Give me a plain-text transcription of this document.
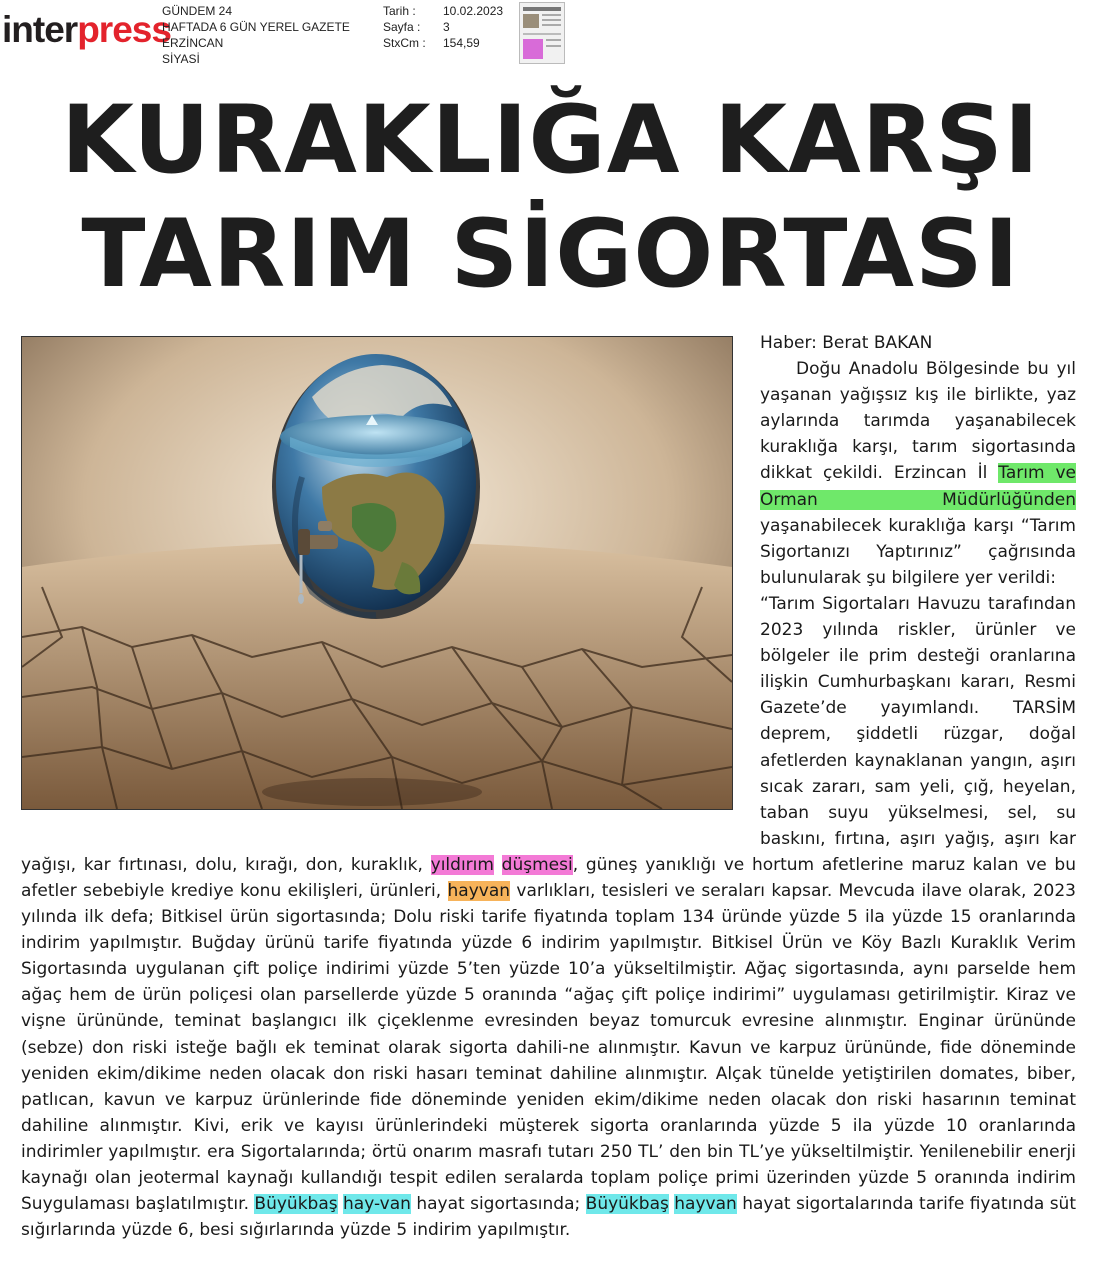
interpress
GÜNDEM 24
HAFTADA 6 GÜN YEREL GAZETE
ERZİNCAN
SİYASİ
Tarih :
Sayfa :
StxCm :
10.02.2023
3
154,59
KURAKLIĞA KARŞI
TARIM SİGORTASI
Haber: Berat BAKAN
Doğu Anadolu Bölgesinde bu yıl yaşanan yağışsız kış ile birlikte, yaz aylarında tarımda yaşanabilecek kuraklığa karşı, tarım sigortasında dikkat çekildi. Erzincan İl Tarım ve Orman Müdürlüğünden yaşanabilecek kuraklığa karşı “Tarım Sigortanızı Yaptırınız” çağrısında bulunularak şu bilgilere yer verildi:
“Tarım Sigortaları Havuzu tarafından 2023 yılında riskler, ürünler ve bölgeler ile prim desteği oranlarına ilişkin Cumhurbaşkanı kararı, Resmi Gazete’de yayımlandı. TARSİM deprem, şiddetli rüzgar, doğal afetlerden kaynaklanan yangın, aşırı sıcak zararı, sam yeli, çığ, heyelan, taban suyu yükselmesi, sel, su baskını, fırtına, aşırı yağış, aşırı kar yağışı, kar fırtınası, dolu, kırağı, don, kuraklık, yıldırım düşmesi, güneş yanıklığı ve hortum afetlerine maruz kalan ve bu afetler sebebiyle krediye konu ekilişleri, ürünleri, hayvan varlıkları, tesisleri ve seraları kapsar. Mevcuda ilave olarak, 2023 yılında ilk defa; Bitkisel ürün sigortasında; Dolu riski tarife fiyatında toplam 134 üründe yüzde 5 ila yüzde 15 oranlarında indirim yapılmıştır. Buğday ürünü tarife fiyatında yüzde 6 indirim yapılmıştır. Bitkisel Ürün ve Köy Bazlı Kuraklık Verim Sigortasında uygulanan çift poliçe indirimi yüzde 5’ten yüzde 10’a yükseltilmiştir. Ağaç sigortasında, aynı parselde hem ağaç hem de ürün poliçesi olan parsellerde yüzde 5 oranında “ağaç çift poliçe indirimi” uygulaması getirilmiştir. Kiraz ve vişne ürününde, teminat başlangıcı ilk çiçeklenme evresinden beyaz tomurcuk evresine alınmıştır. Enginar ürününde (sebze) don riski isteğe bağlı ek teminat olarak sigorta dahili-ne alınmıştır. Kavun ve karpuz ürününde, fide döneminde yeniden ekim/dikime neden olacak don riski hasarı teminat dahiline alınmıştır. Alçak tünelde yetiştirilen domates, biber, patlıcan, kavun ve karpuz ürünlerinde fide döneminde yeniden ekim/dikime neden olacak don riski hasarının teminat dahiline alınmıştır. Kivi, erik ve kayısı ürünlerindeki müşterek sigorta oranlarında yüzde 5 ila yüzde 10 oranlarında indirimler yapılmıştır. era Sigortalarında; örtü onarım masrafı tutarı 250 TL’ den bin TL’ye yükseltilmiştir. Yenilenebilir enerji kaynağı olan jeotermal kaynağı kullandığı tespit edilen seralarda toplam poliçe primi üzerinden yüzde 5 oranında indirim Suygulaması başlatılmıştır. Büyükbaş hay-van hayat sigortasında; Büyükbaş hayvan hayat sigortalarında tarife fiyatında süt sığırlarında yüzde 6, besi sığırlarında yüzde 5 indirim yapılmıştır.
